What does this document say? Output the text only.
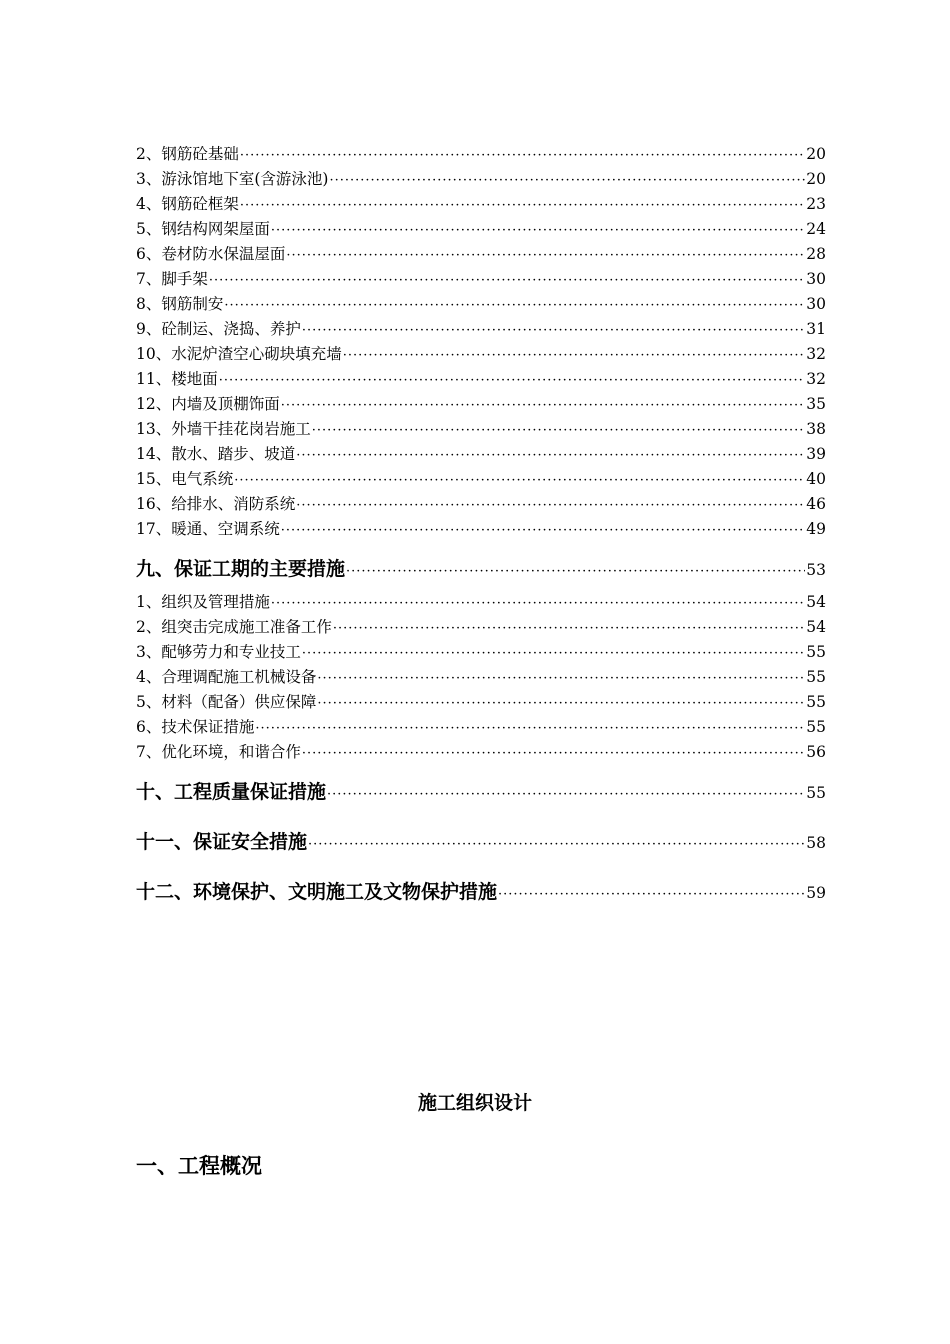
2、钢筋砼基础 ·····	20
3、游泳馆地下室(含游泳池) ·····	20
4、钢筋砼框架 ·····	23
5、钢结构网架屋面 ·····	24
6、卷材防水保温屋面 ·····	28
7、脚手架 ·····	30
8、钢筋制安 ·····	30
9、砼制运、浇捣、养护 ·····	31
10、水泥炉渣空心砌块填充墙 ·····	32
11、楼地面 ·····	32
12、内墙及顶棚饰面 ·····	35
13、外墙干挂花岗岩施工 ·····	38
14、散水、踏步、坡道 ·····	39
15、电气系统 ·····	40
16、给排水、消防系统 ·····	46
17、暖通、空调系统 ·····	49
九、保证工期的主要措施 ·····	53
1、组织及管理措施 ·····	54
2、组突击完成施工准备工作 ·····	54
3、配够劳力和专业技工 ·····	55
4、合理调配施工机械设备 ·····	55
5、材料（配备）供应保障 ·····	55
6、技术保证措施 ·····	55
7、优化环境，和谐合作 ·····	56
十、工程质量保证措施 ·····	55
十一、保证安全措施 ·····	58
十二、环境保护、文明施工及文物保护措施 ·····	59
施工组织设计
一、工程概况
